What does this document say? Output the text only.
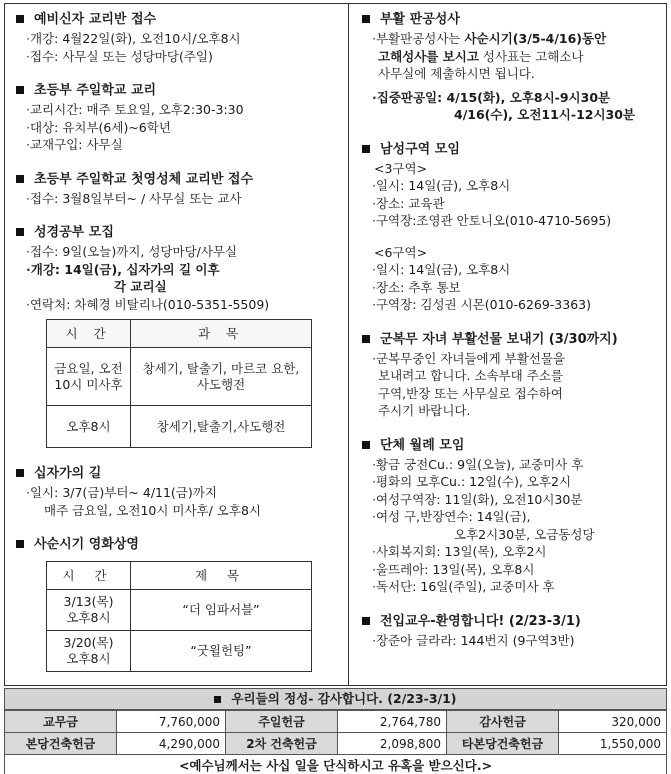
예비신자 교리반 접수
·개강: 4월22일(화), 오전10시/오후8시
·접수: 사무실 또는 성당마당(주일)
초등부 주일학교 교리
·교리시간: 매주 토요일, 오후2:30-3:30
·대상: 유치부(6세)~6학년
·교재구입: 사무실
초등부 주일학교 첫영성체 교리반 접수
·접수: 3월8일부터~ / 사무실 또는 교사
성경공부 모집
·접수: 9일(오늘)까지, 성당마당/사무실
·개강: 14일(금), 십자가의 길 이후
각 교리실
·연락처: 차혜경 비탈리나(010-5351-5509)
시 간	과 목
금요일, 오전10시 미사후	창세기, 탈출기, 마르코 요한, 사도행전
오후8시	창세기,탈출기,사도행전
십자가의 길
·일시: 3/7(금)부터~ 4/11(금)까지
매주 금요일, 오전10시 미사후/ 오후8시
사순시기 영화상영
시 간	제 목

3/13(목)
오후8시	“더 임파서블”

3/20(목)
오후8시	“굿윌헌팅”
부활 판공성사
·부활판공성사는 사순시기(3/5-4/16)동안
고해성사를 보시고 성사표는 고해소나
사무실에 제출하시면 됩니다.
·집중판공일: 4/15(화), 오후8시-9시30분
4/16(수), 오전11시-12시30분
남성구역 모임
<3구역>
·일시: 14일(금), 오후8시
·장소: 교육관
·구역장:조영관 안토니오(010-4710-5695)
<6구역>
·일시: 14일(금), 오후8시
·장소: 추후 통보
·구역장: 김성권 시몬(010-6269-3363)
군복무 자녀 부활선물 보내기 (3/30까지)
·군복무중인 자녀들에게 부활선물을
보내려고 합니다. 소속부대 주소를
구역,반장 또는 사무실로 접수하여
주시기 바랍니다.
단체 월례 모임
·황금 궁전Cu.: 9일(오늘), 교중미사 후
·평화의 모후Cu.: 12일(수), 오후2시
·여성구역장: 11일(화), 오전10시30분
·여성 구,반장연수: 14일(금),
오후2시30분, 오금동성당
·사회복지회: 13일(목), 오후2시
·울뜨레아: 13일(목), 오후8시
·독서단: 16일(주일), 교중미사 후
전입교우-환영합니다! (2/23-3/1)
·장준아 글라라: 144번지 (9구역3반)
우리들의 정성- 감사합니다. (2/23-3/1)
교무금	7,760,000	주일헌금	2,764,780	감사헌금	320,000
본당건축헌금	4,290,000	2차 건축헌금	2,098,800	타본당건축헌금	1,550,000
<예수님께서는 사십 일을 단식하시고 유혹을 받으신다.>
